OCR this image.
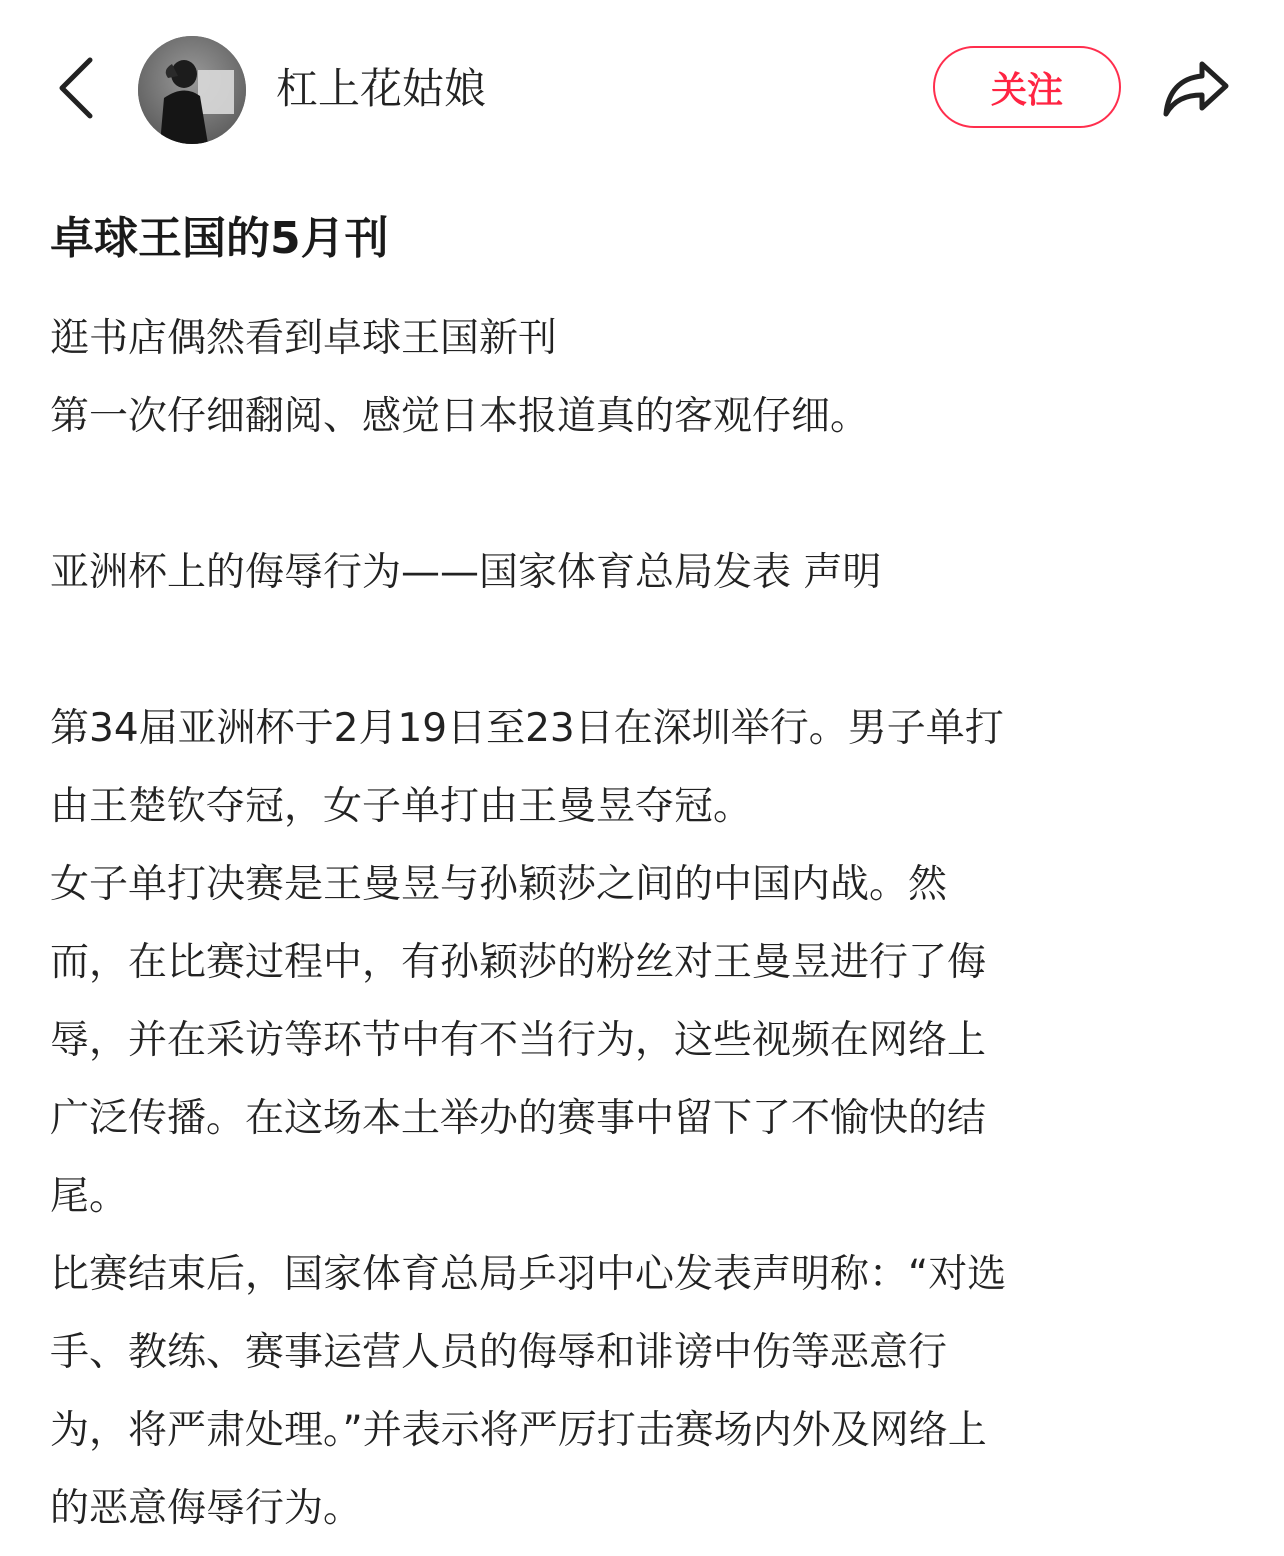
杠上花姑娘	关注
卓球王国的5月刊
逛书店偶然看到卓球王国新刊
第一次仔细翻阅、感觉日本报道真的客观仔细。
亚洲杯上的侮辱行为——国家体育总局发表 声明
第34届亚洲杯于2月19日至23日在深圳举行。男子单打
由王楚钦夺冠，女子单打由王曼昱夺冠。
女子单打决赛是王曼昱与孙颖莎之间的中国内战。然
而，在比赛过程中，有孙颖莎的粉丝对王曼昱进行了侮
辱，并在采访等环节中有不当行为，这些视频在网络上
广泛传播。在这场本土举办的赛事中留下了不愉快的结
尾。
比赛结束后，国家体育总局乒羽中心发表声明称：“对选
手、教练、赛事运营人员的侮辱和诽谤中伤等恶意行
为，将严肃处理。”并表示将严厉打击赛场内外及网络上
的恶意侮辱行为。
